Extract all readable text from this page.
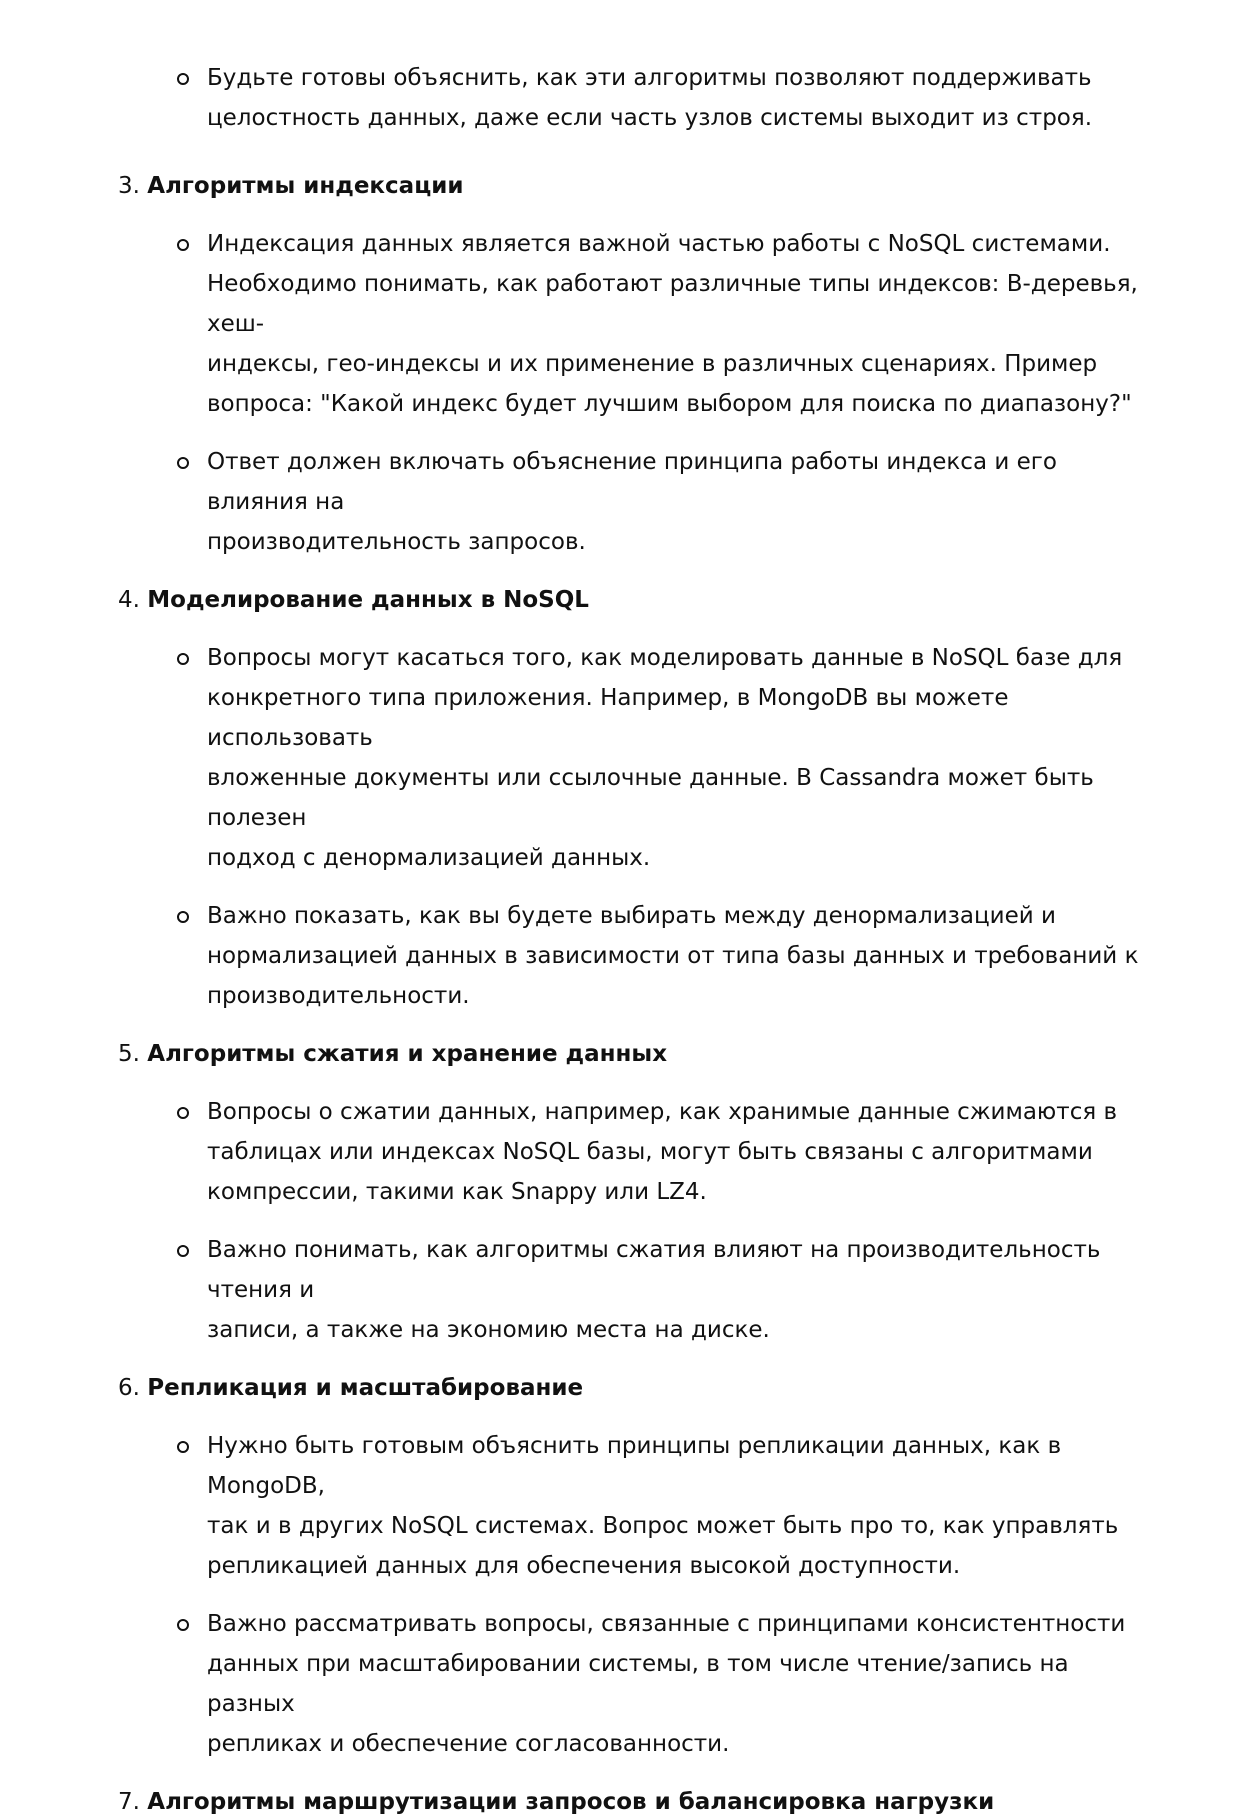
Будьте готовы объяснить, как эти алгоритмы позволяют поддерживать
целостность данных, даже если часть узлов системы выходит из строя.
3. Алгоритмы индексации
Индексация данных является важной частью работы с NoSQL системами.
Необходимо понимать, как работают различные типы индексов: B-деревья, хеш-
индексы, гео-индексы и их применение в различных сценариях. Пример
вопроса: "Какой индекс будет лучшим выбором для поиска по диапазону?"
Ответ должен включать объяснение принципа работы индекса и его влияния на
производительность запросов.
4. Моделирование данных в NoSQL
Вопросы могут касаться того, как моделировать данные в NoSQL базе для
конкретного типа приложения. Например, в MongoDB вы можете использовать
вложенные документы или ссылочные данные. В Cassandra может быть полезен
подход с денормализацией данных.
Важно показать, как вы будете выбирать между денормализацией и
нормализацией данных в зависимости от типа базы данных и требований к
производительности.
5. Алгоритмы сжатия и хранение данных
Вопросы о сжатии данных, например, как хранимые данные сжимаются в
таблицах или индексах NoSQL базы, могут быть связаны с алгоритмами
компрессии, такими как Snappy или LZ4.
Важно понимать, как алгоритмы сжатия влияют на производительность чтения и
записи, а также на экономию места на диске.
6. Репликация и масштабирование
Нужно быть готовым объяснить принципы репликации данных, как в MongoDB,
так и в других NoSQL системах. Вопрос может быть про то, как управлять
репликацией данных для обеспечения высокой доступности.
Важно рассматривать вопросы, связанные с принципами консистентности
данных при масштабировании системы, в том числе чтение/запись на разных
репликах и обеспечение согласованности.
7. Алгоритмы маршрутизации запросов и балансировка нагрузки
